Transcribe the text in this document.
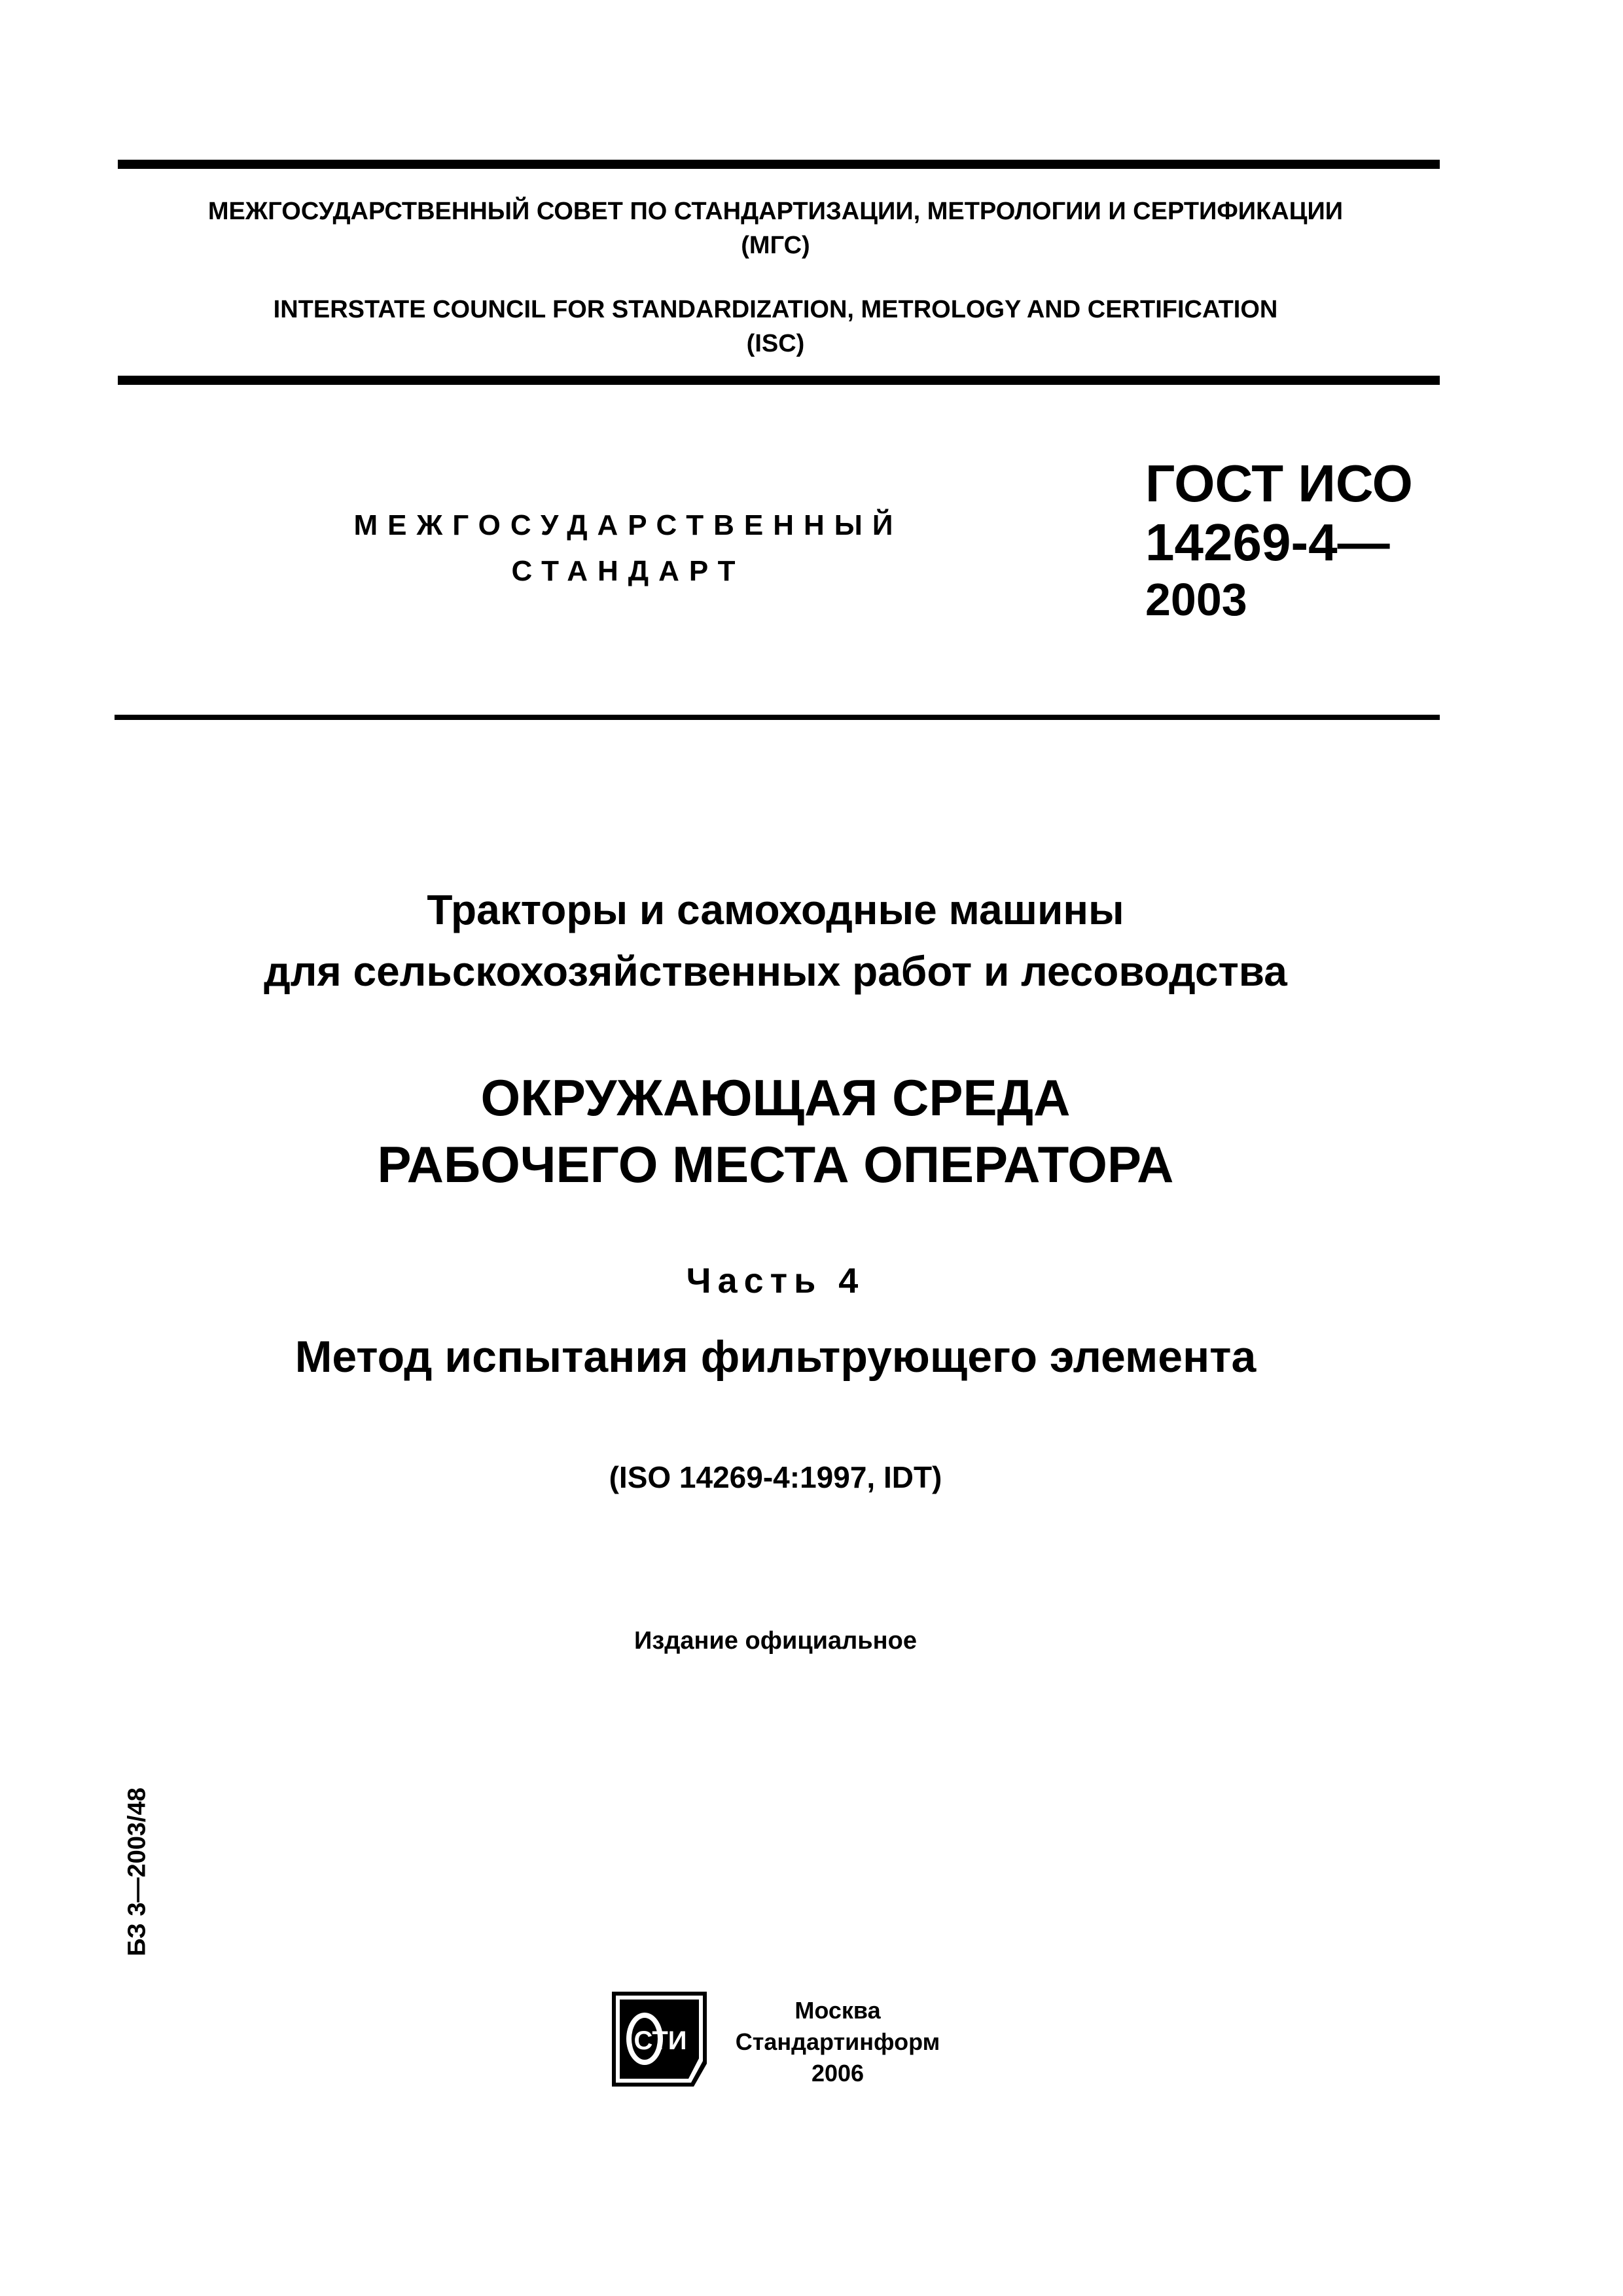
МЕЖГОСУДАРСТВЕННЫЙ СОВЕТ ПО СТАНДАРТИЗАЦИИ, МЕТРОЛОГИИ И СЕРТИФИКАЦИИ
(МГС)
INTERSTATE COUNCIL FOR STANDARDIZATION, METROLOGY AND CERTIFICATION
(ISC)
МЕЖГОСУДАРСТВЕННЫЙ
СТАНДАРТ
ГОСТ ИСО
14269-4—
2003
Тракторы и самоходные машины
для сельскохозяйственных работ и лесоводства
ОКРУЖАЮЩАЯ СРЕДА
РАБОЧЕГО МЕСТА ОПЕРАТОРА
Часть 4
Метод испытания фильтрующего элемента
(ISO 14269-4:1997, IDT)
Издание официальное
БЗ 3—2003/48
СТИ
Москва
Стандартинформ
2006
